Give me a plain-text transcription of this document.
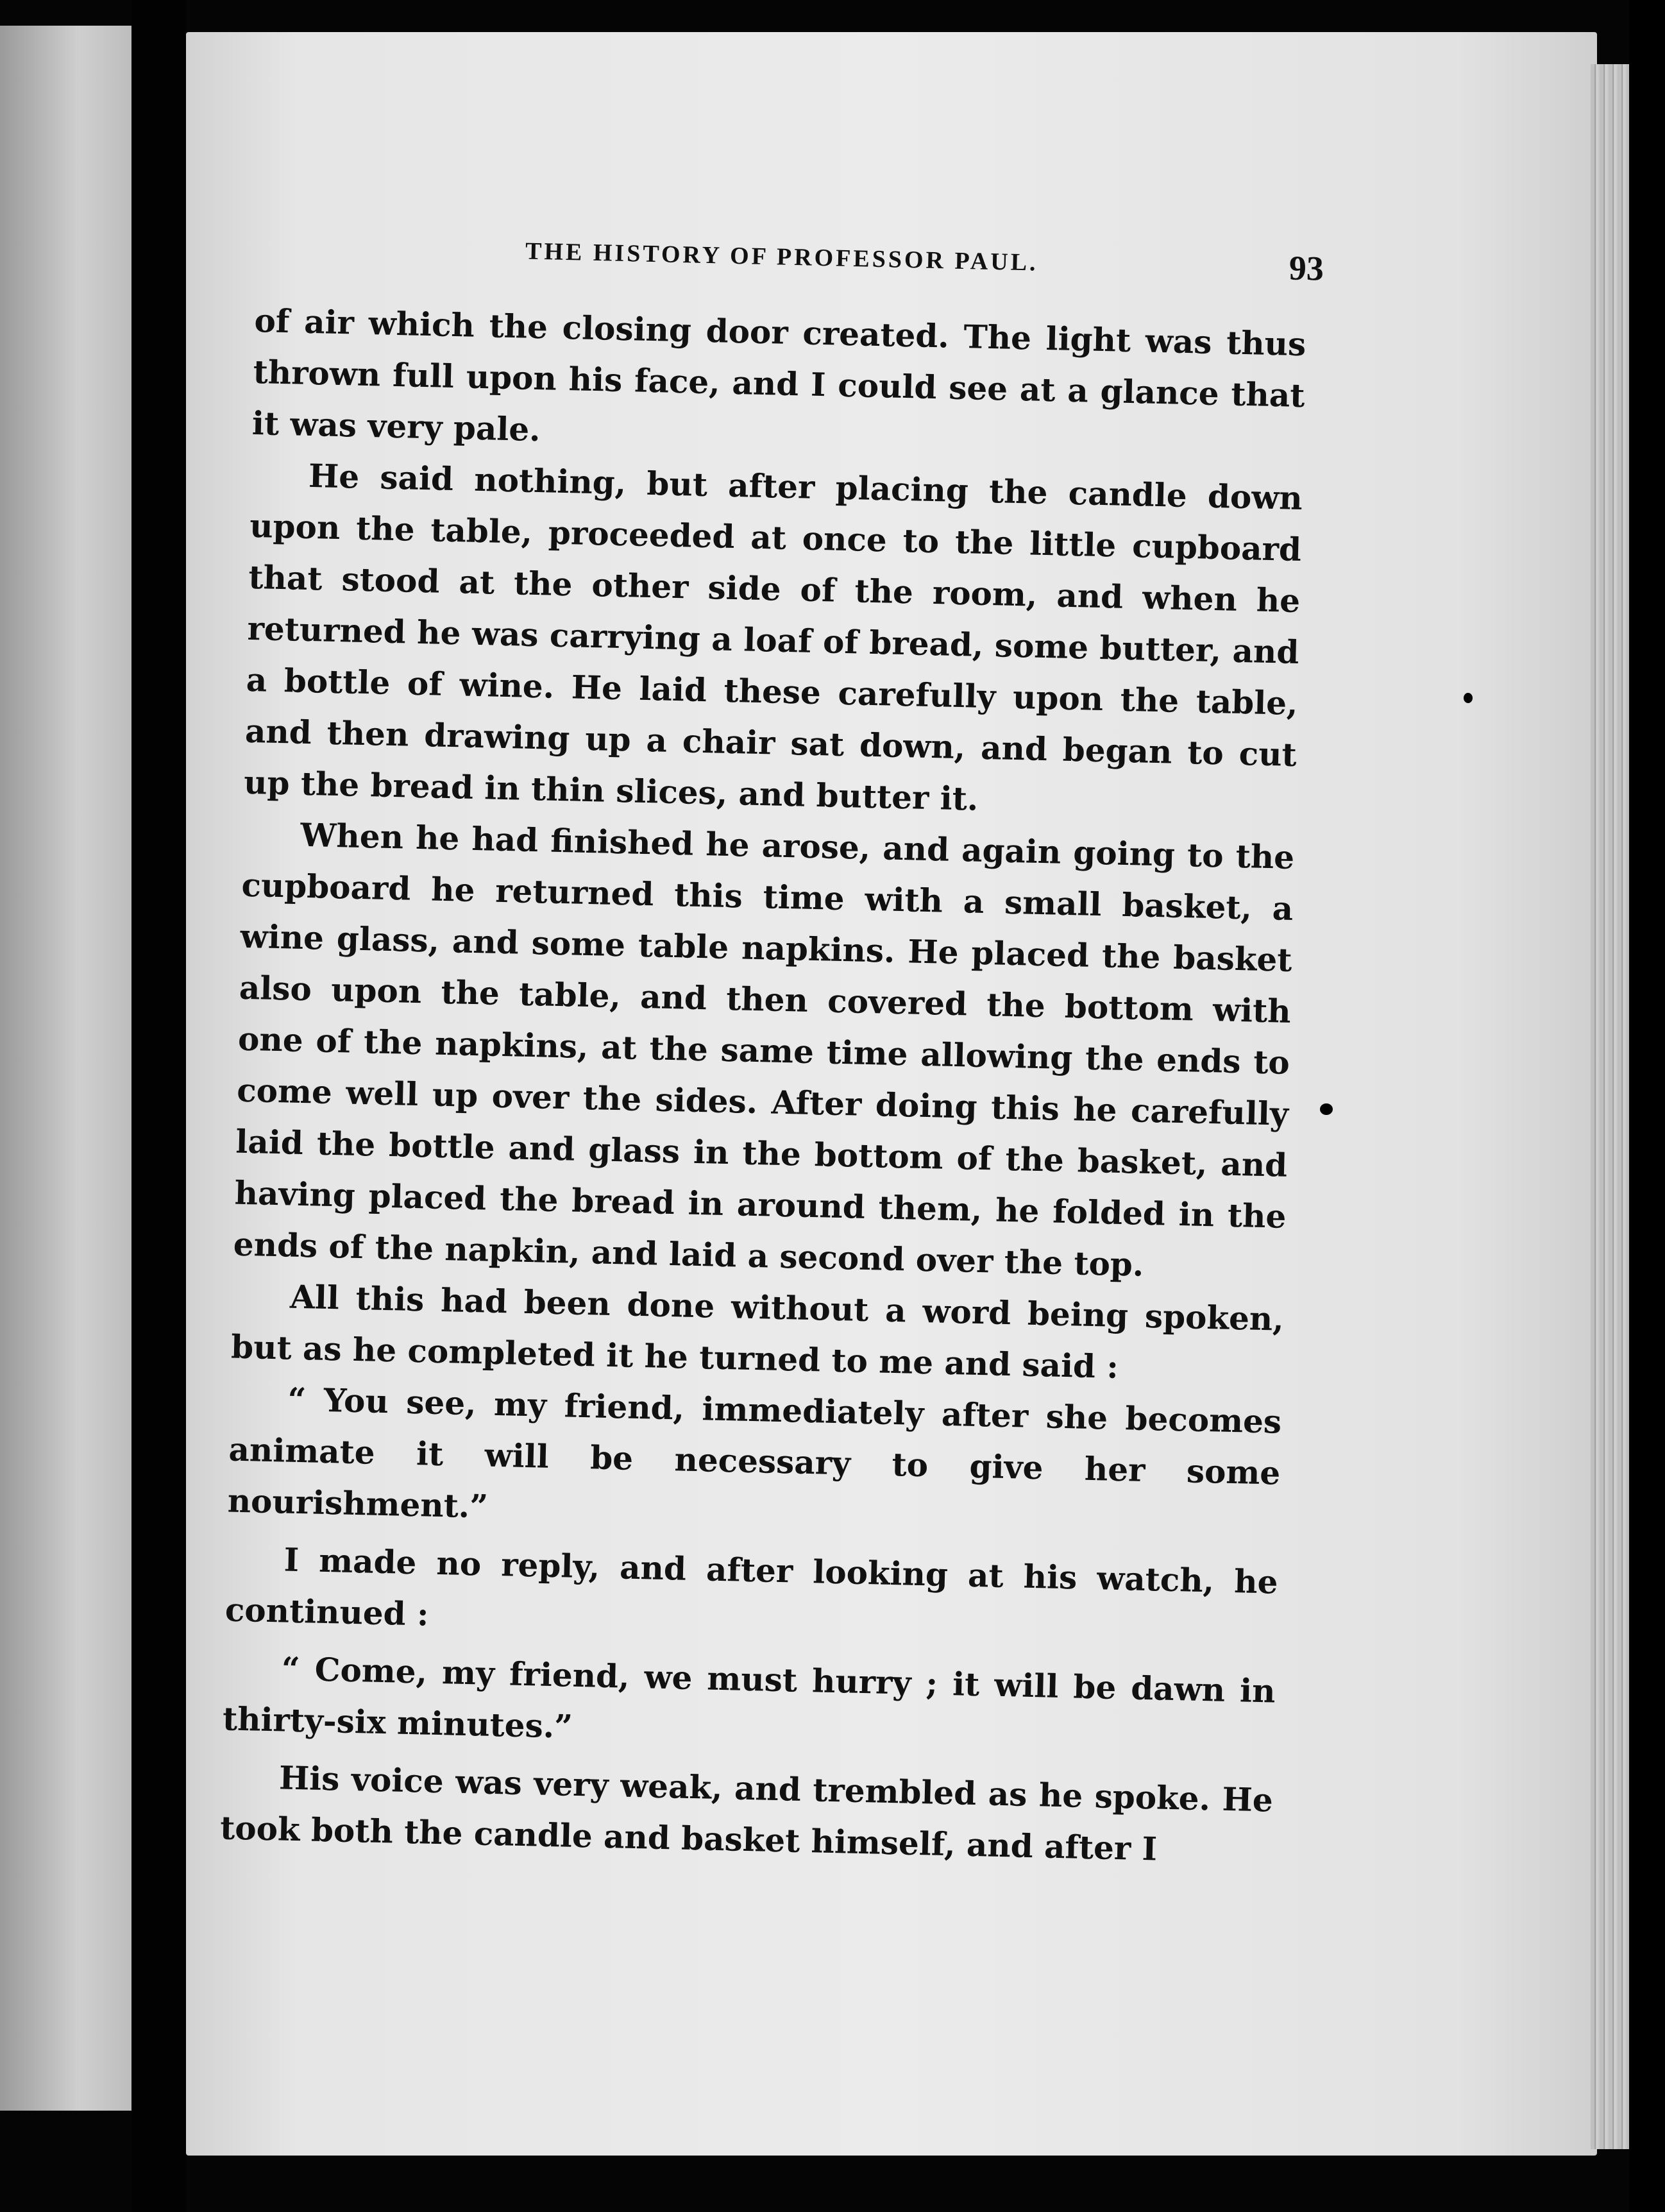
THE HISTORY OF PROFESSOR PAUL.	93

of air which the closing door created. The light was thus thrown full upon his face, and I could see at a glance that it was very pale.

He said nothing, but after placing the candle down upon the table, proceeded at once to the little cupboard that stood at the other side of the room, and when he returned he was carrying a loaf of bread, some butter, and a bottle of wine. He laid these carefully upon the table, and then drawing up a chair sat down, and began to cut up the bread in thin slices, and butter it.

When he had finished he arose, and again going to the cupboard he returned this time with a small basket, a wine glass, and some table napkins. He placed the basket also upon the table, and then covered the bottom with one of the napkins, at the same time allowing the ends to come well up over the sides. After doing this he carefully laid the bottle and glass in the bottom of the basket, and having placed the bread in around them, he folded in the ends of the napkin, and laid a second over the top.

All this had been done without a word being spoken, but as he completed it he turned to me and said :

“ You see, my friend, immediately after she becomes animate it will be necessary to give her some nourishment.”

I made no reply, and after looking at his watch, he continued :

“ Come, my friend, we must hurry ; it will be dawn in thirty-six minutes.”

His voice was very weak, and trembled as he spoke. He took both the candle and basket himself, and after I
